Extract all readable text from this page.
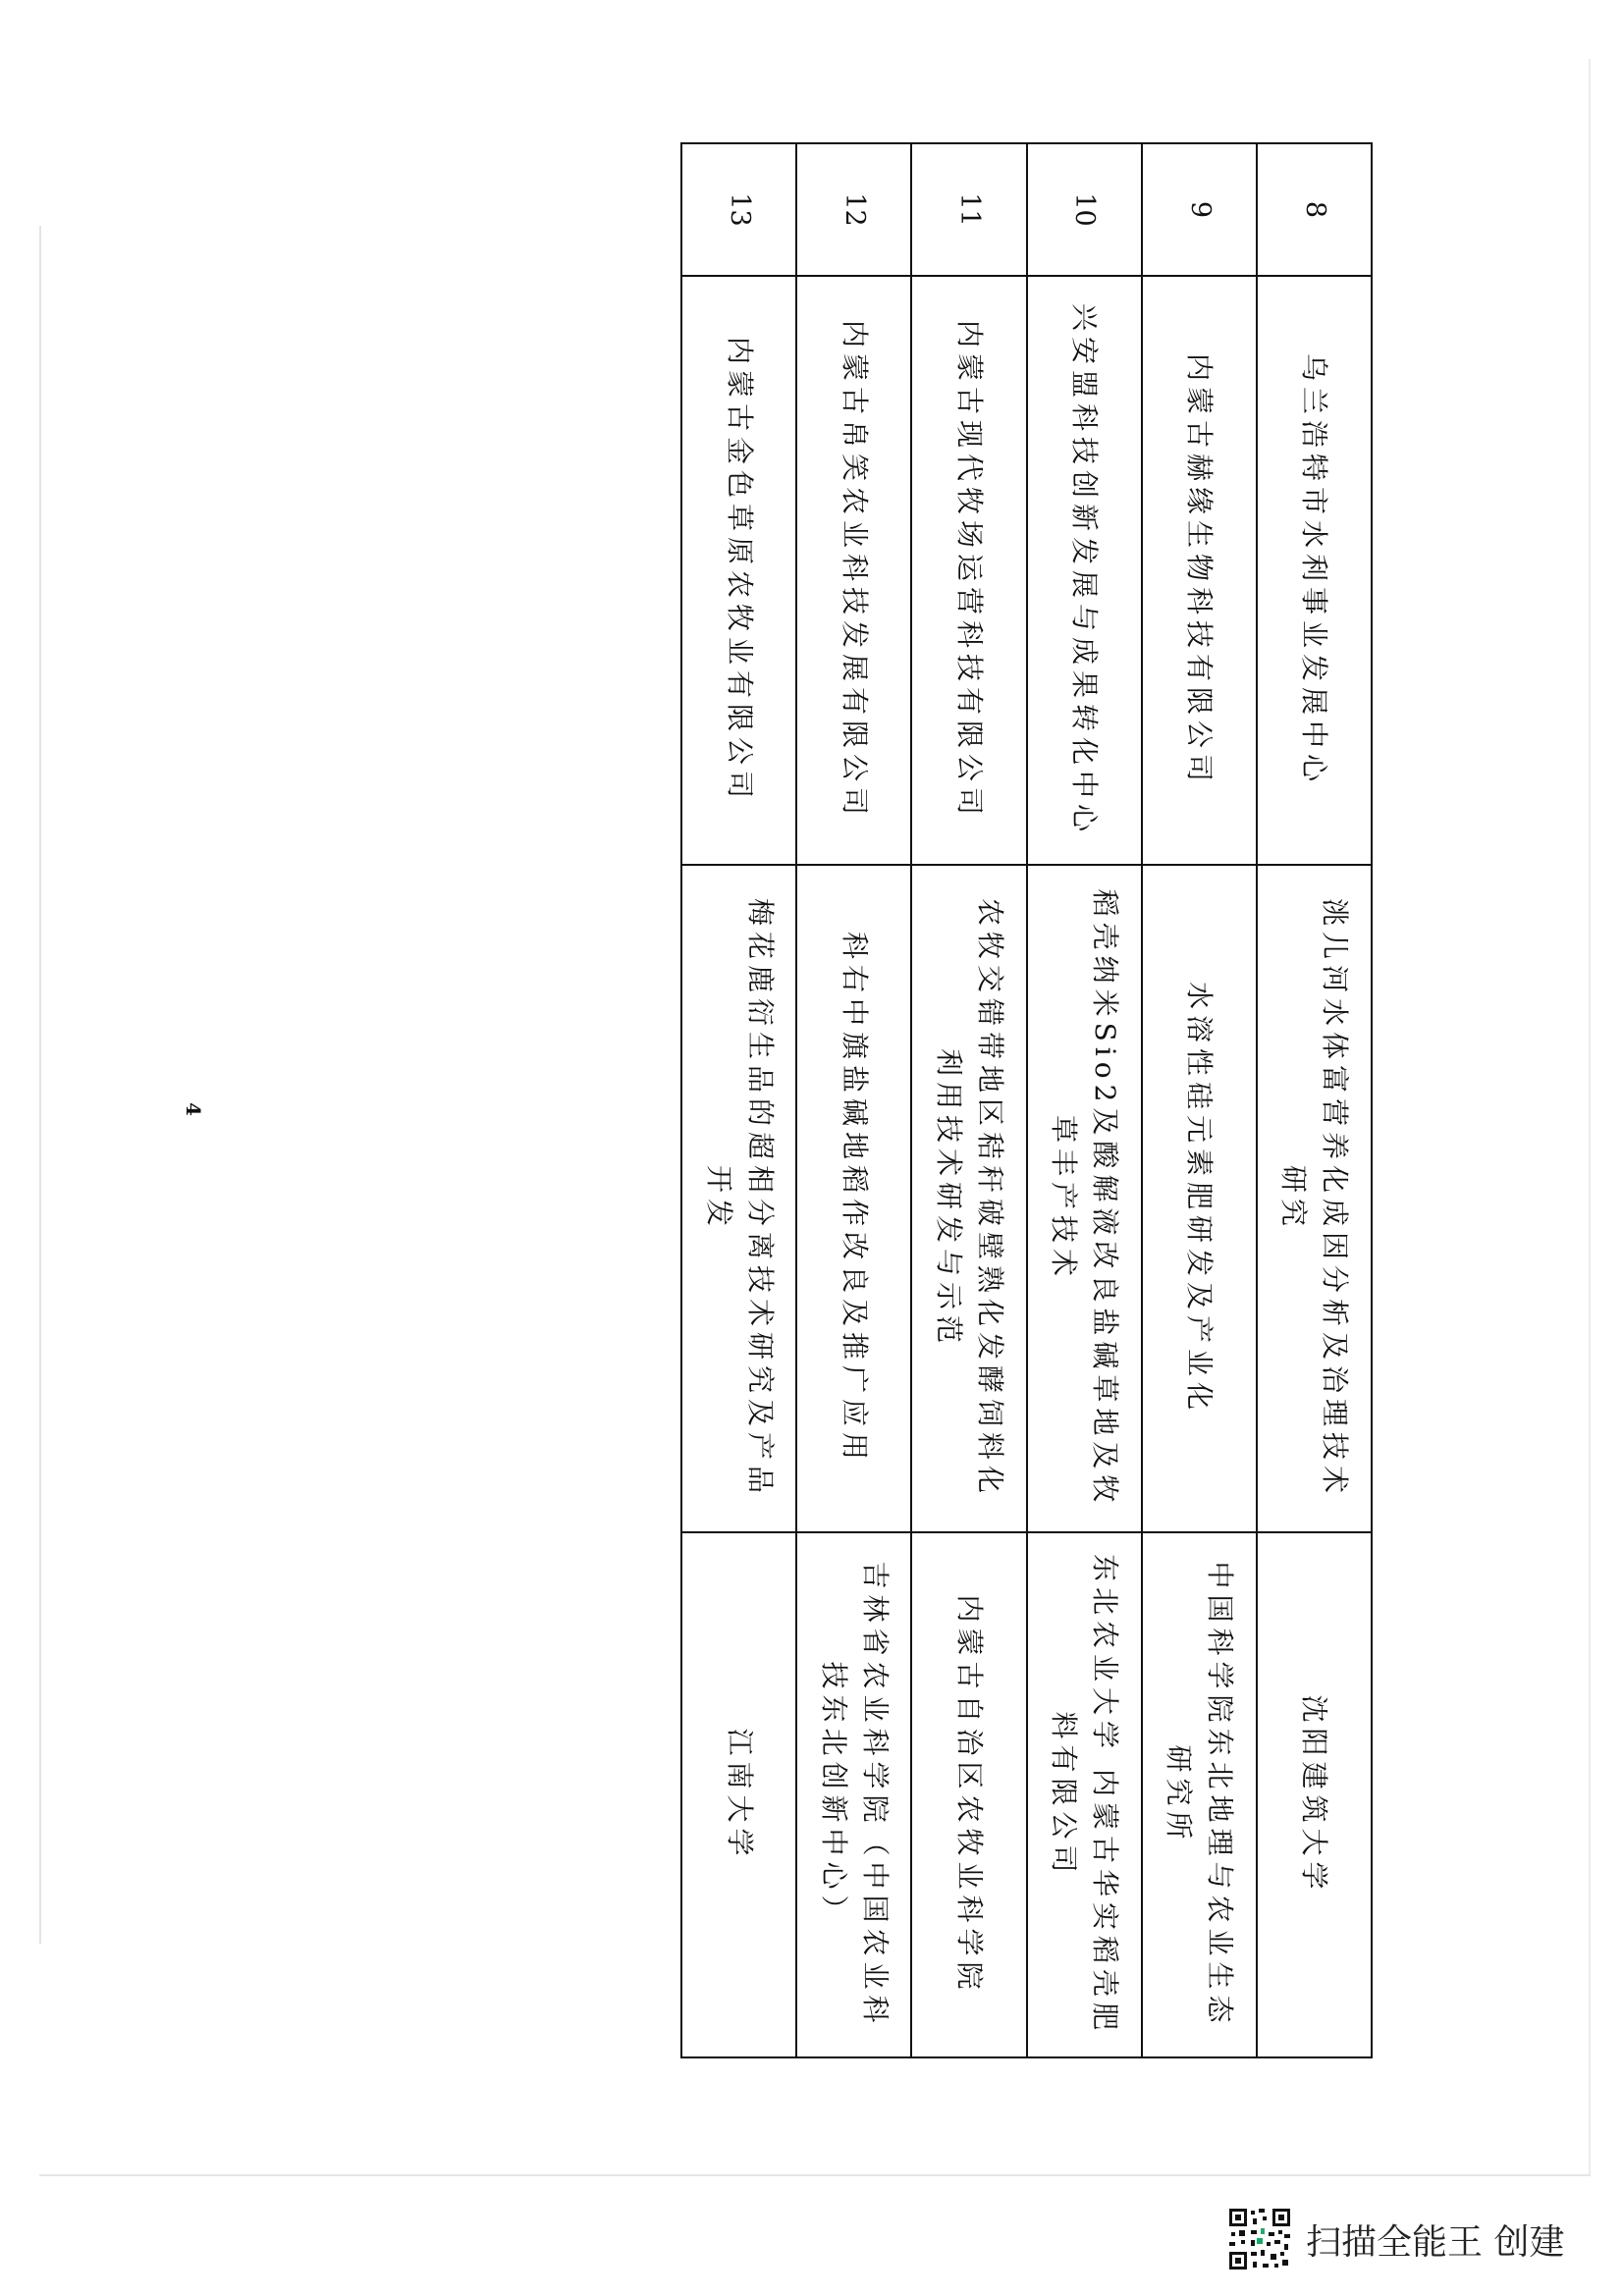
8	乌兰浩特市水利事业发展中心	洮儿河水体富营养化成因分析及治理技术研究	沈阳建筑大学
9	内蒙古赫缘生物科技有限公司	水溶性硅元素肥研发及产业化	中国科学院东北地理与农业生态研究所
10	兴安盟科技创新发展与成果转化中心	稻壳纳米Sio2及酸解液改良盐碱草地及牧草丰产技术	东北农业大学 内蒙古华实稻壳肥料有限公司
11	内蒙古现代牧场运营科技有限公司	农牧交错带地区秸秆破壁熟化发酵饲料化利用技术研发与示范	内蒙古自治区农牧业科学院
12	内蒙古帛笑农业科技发展有限公司	科右中旗盐碱地稻作改良及推广应用	吉林省农业科学院（中国农业科技东北创新中心）
13	内蒙古金色草原农牧业有限公司	梅花鹿衍生品的超相分离技术研究及产品开发	江南大学
4
扫描全能王 创建
